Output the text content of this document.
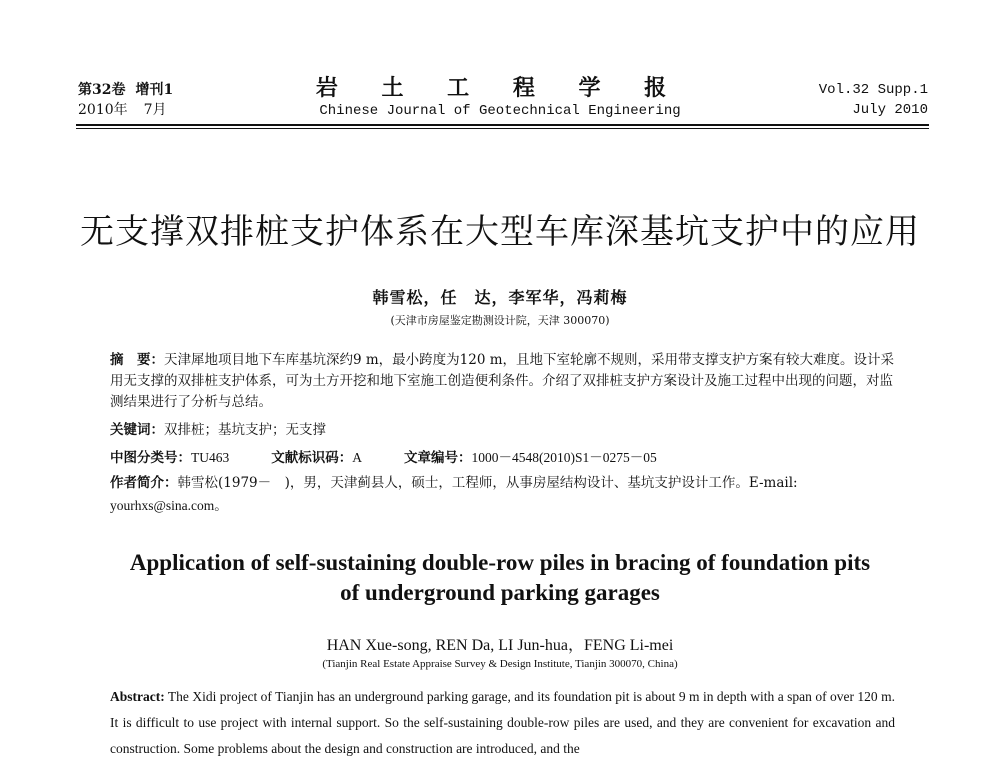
第32卷 增刊1
2010年 7月
岩 土 工 程 学 报
Chinese Journal of Geotechnical Engineering
Vol.32 Supp.1
July 2010
无支撑双排桩支护体系在大型车库深基坑支护中的应用
韩雪松，任　达，李军华，冯莉梅
(天津市房屋鉴定勘测设计院，天津 300070)
摘　要：天津犀地项目地下车库基坑深约9 m，最小跨度为120 m，且地下室轮廓不规则，采用带支撑支护方案有较大难度。设计采用无支撑的双排桩支护体系，可为土方开挖和地下室施工创造便利条件。介绍了双排桩支护方案设计及施工过程中出现的问题，对监测结果进行了分析与总结。
关键词：双排桩；基坑支护；无支撑
中图分类号：TU463	文献标识码：A	文章编号：1000－4548(2010)S1－0275－05
作者简介：韩雪松(1979－　)，男，天津蓟县人，硕士，工程师，从事房屋结构设计、基坑支护设计工作。E-mail:
yourhxs@sina.com。
Application of self-sustaining double-row piles in bracing of foundation pits
of underground parking garages
HAN Xue-song, REN Da, LI Jun-hua，FENG Li-mei
(Tianjin Real Estate Appraise Survey & Design Institute, Tianjin 300070, China)
Abstract: The Xidi project of Tianjin has an underground parking garage, and its foundation pit is about 9 m in depth with a span of over 120 m. It is difficult to use project with internal support. So the self-sustaining double-row piles are used, and they are convenient for excavation and construction. Some problems about the design and construction are introduced, and the
